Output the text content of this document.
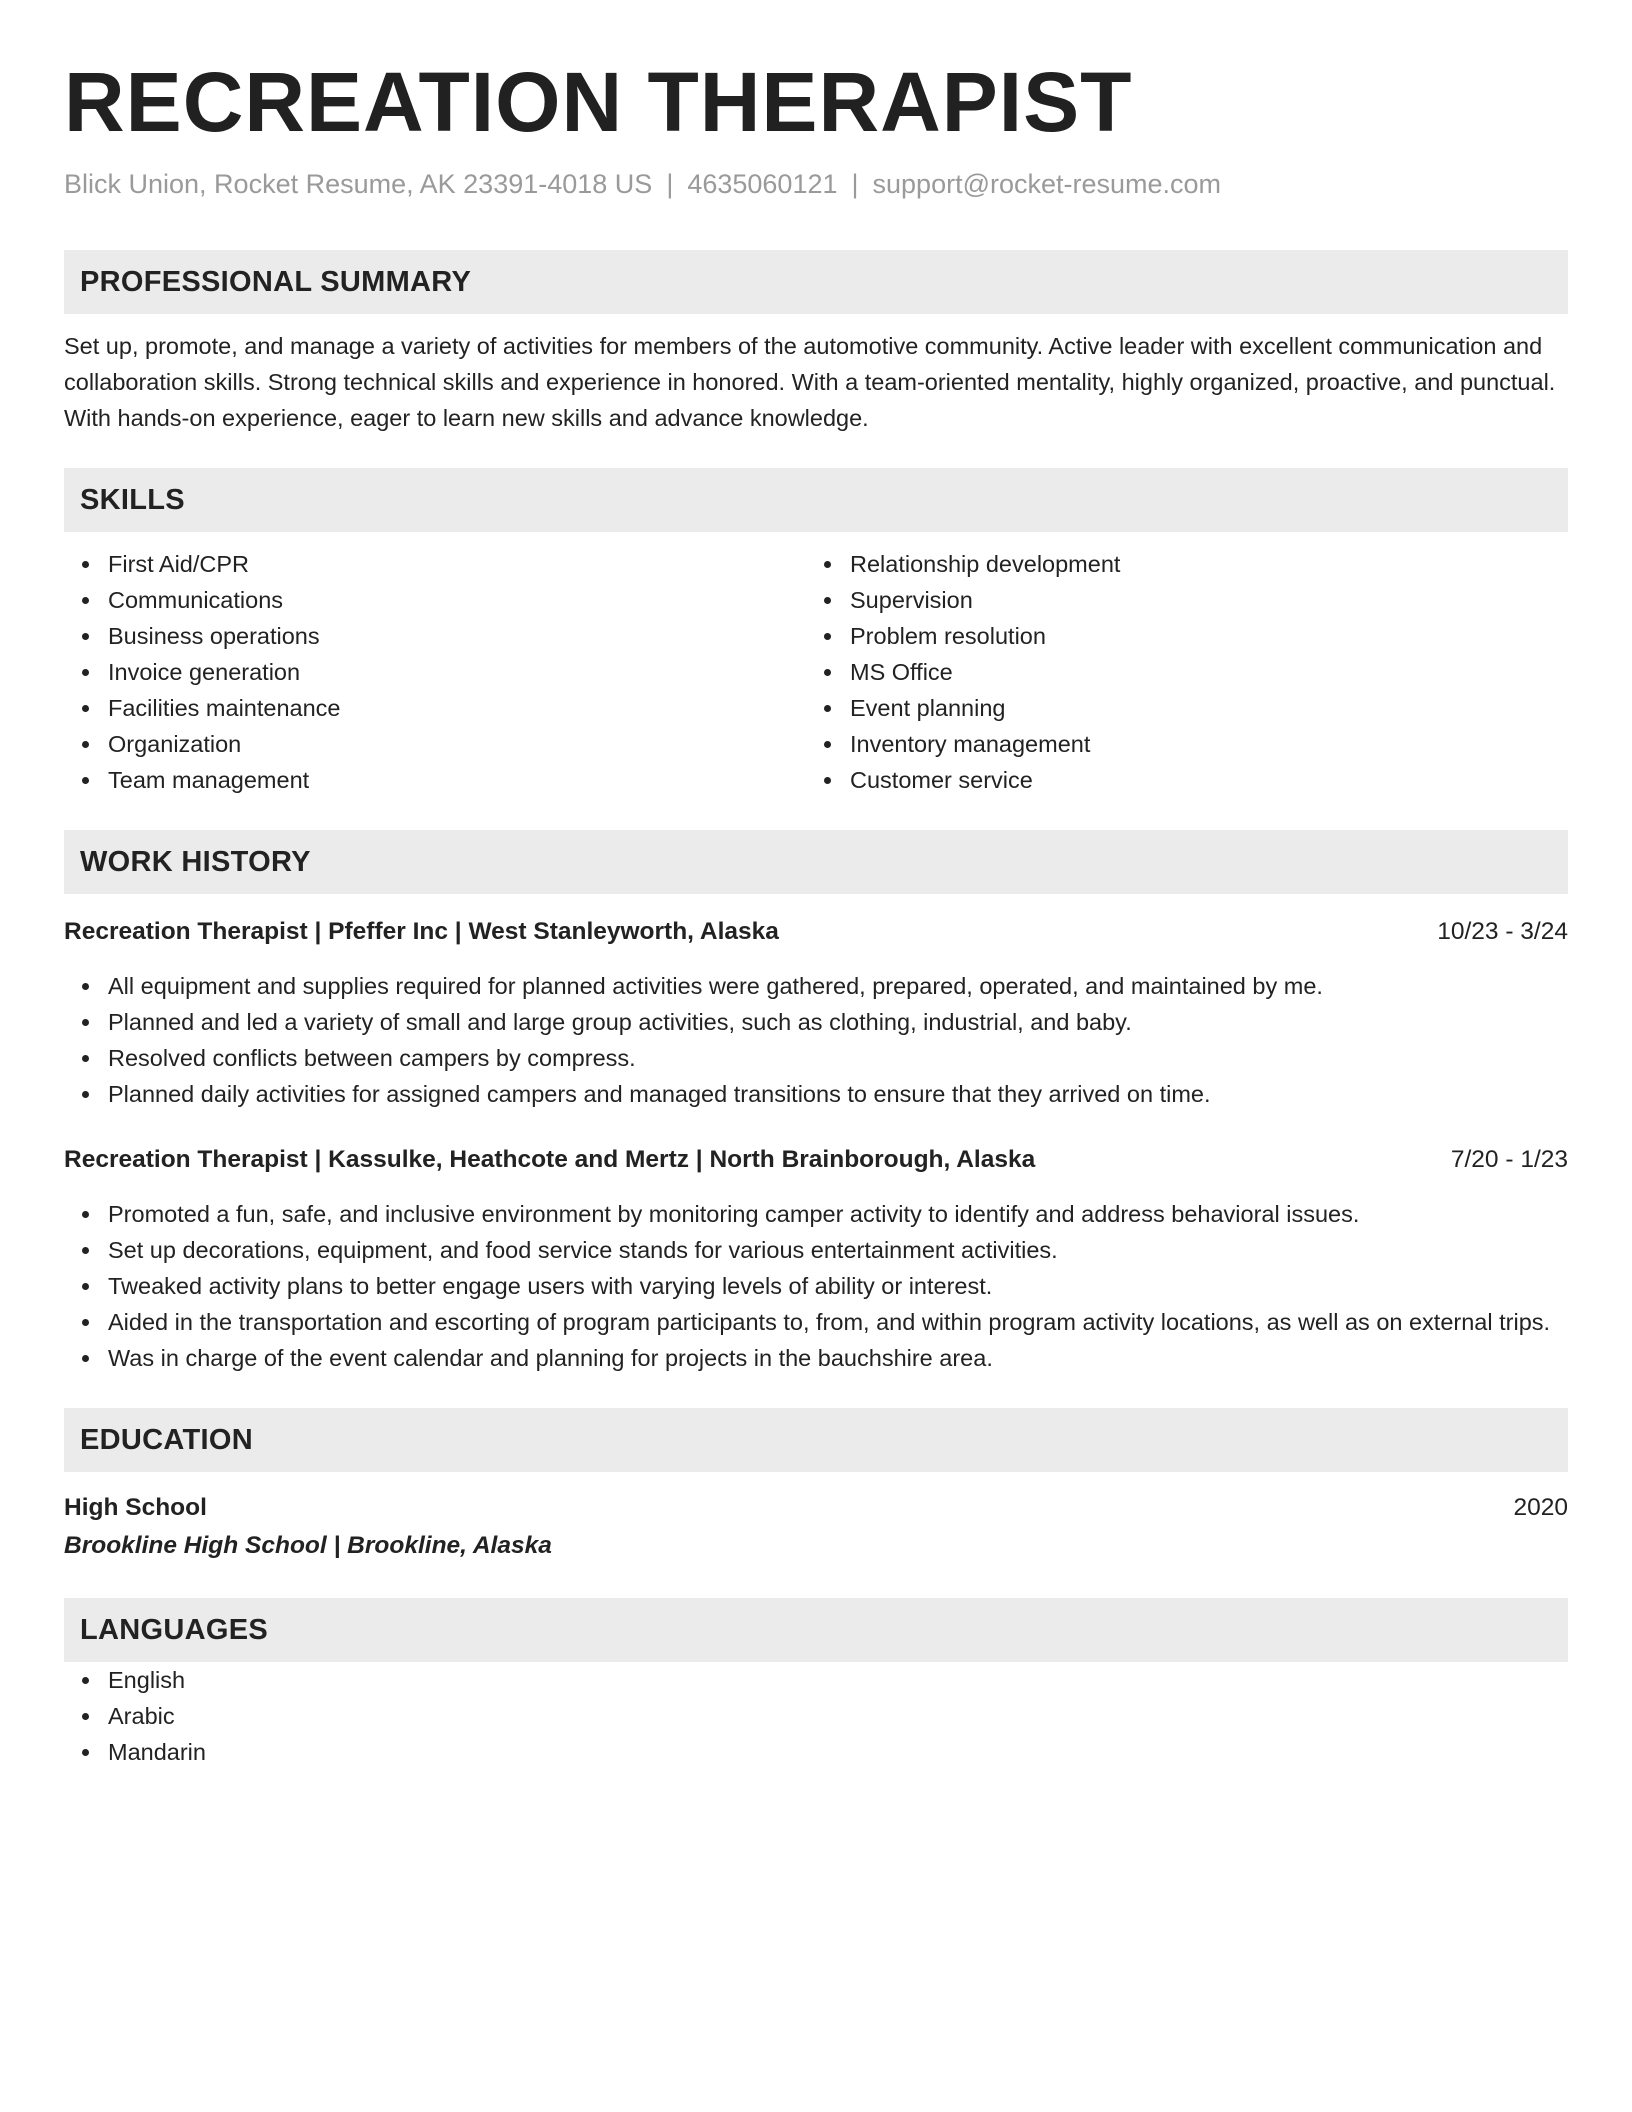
RECREATION THERAPIST
Blick Union, Rocket Resume, AK 23391-4018 US | 4635060121 | support@rocket-resume.com
PROFESSIONAL SUMMARY
Set up, promote, and manage a variety of activities for members of the automotive community. Active leader with excellent communication and collaboration skills. Strong technical skills and experience in honored. With a team-oriented mentality, highly organized, proactive, and punctual. With hands-on experience, eager to learn new skills and advance knowledge.
SKILLS
First Aid/CPR
Communications
Business operations
Invoice generation
Facilities maintenance
Organization
Team management
Relationship development
Supervision
Problem resolution
MS Office
Event planning
Inventory management
Customer service
WORK HISTORY
Recreation Therapist | Pfeffer Inc | West Stanleyworth, Alaska	10/23 - 3/24
All equipment and supplies required for planned activities were gathered, prepared, operated, and maintained by me.
Planned and led a variety of small and large group activities, such as clothing, industrial, and baby.
Resolved conflicts between campers by compress.
Planned daily activities for assigned campers and managed transitions to ensure that they arrived on time.
Recreation Therapist | Kassulke, Heathcote and Mertz | North Brainborough, Alaska	7/20 - 1/23
Promoted a fun, safe, and inclusive environment by monitoring camper activity to identify and address behavioral issues.
Set up decorations, equipment, and food service stands for various entertainment activities.
Tweaked activity plans to better engage users with varying levels of ability or interest.
Aided in the transportation and escorting of program participants to, from, and within program activity locations, as well as on external trips.
Was in charge of the event calendar and planning for projects in the bauchshire area.
EDUCATION
High School	2020
Brookline High School | Brookline, Alaska
LANGUAGES
English
Arabic
Mandarin
